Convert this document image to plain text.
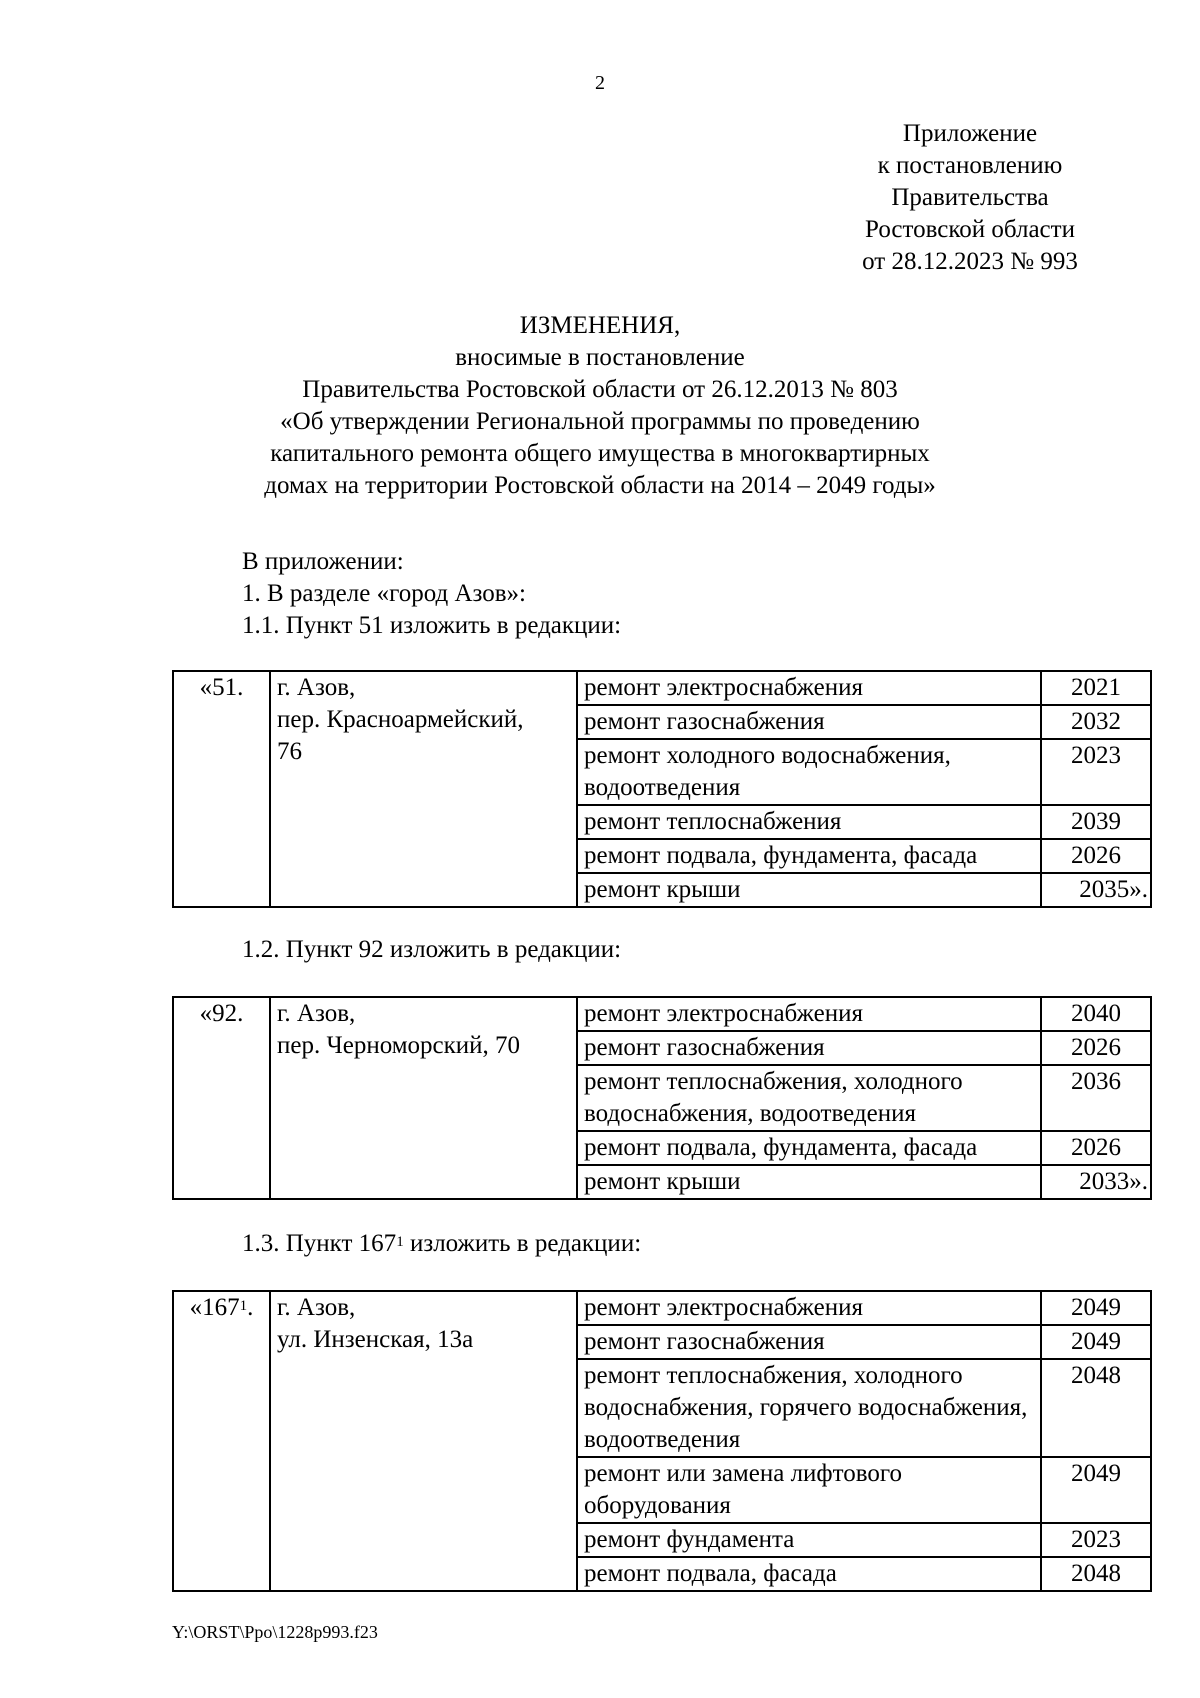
2
Приложение
к постановлению
Правительства
Ростовской области
от 28.12.2023 № 993
ИЗМЕНЕНИЯ,
вносимые в постановление
Правительства Ростовской области от 26.12.2013 № 803
«Об утверждении Региональной программы по проведению
капитального ремонта общего имущества в многоквартирных
домах на территории Ростовской области на 2014 – 2049 годы»
В приложении:
1. В разделе «город Азов»:
1.1. Пункт 51 изложить в редакции:
«51.	г. Азов,
пер. Красноармейский,
76	ремонт электроснабжения	2021
		ремонт газоснабжения	2032
		ремонт холодного водоснабжения, водоотведения	2023
		ремонт теплоснабжения	2039
		ремонт подвала, фундамента, фасада	2026
		ремонт крыши	2035».
1.2. Пункт 92 изложить в редакции:
«92.	г. Азов,
пер. Черноморский, 70	ремонт электроснабжения	2040
		ремонт газоснабжения	2026
		ремонт теплоснабжения, холодного водоснабжения, водоотведения	2036
		ремонт подвала, фундамента, фасада	2026
		ремонт крыши	2033».
1.3. Пункт $167^1$ изложить в редакции:
«$167^1$.	г. Азов,
ул. Инзенская, 13а	ремонт электроснабжения	2049
		ремонт газоснабжения	2049
		ремонт теплоснабжения, холодного водоснабжения, горячего водоснабжения, водоотведения	2048
		ремонт или замена лифтового оборудования	2049
		ремонт фундамента	2023
		ремонт подвала, фасада	2048
Y:\ORST\Ppo\1228p993.f23
